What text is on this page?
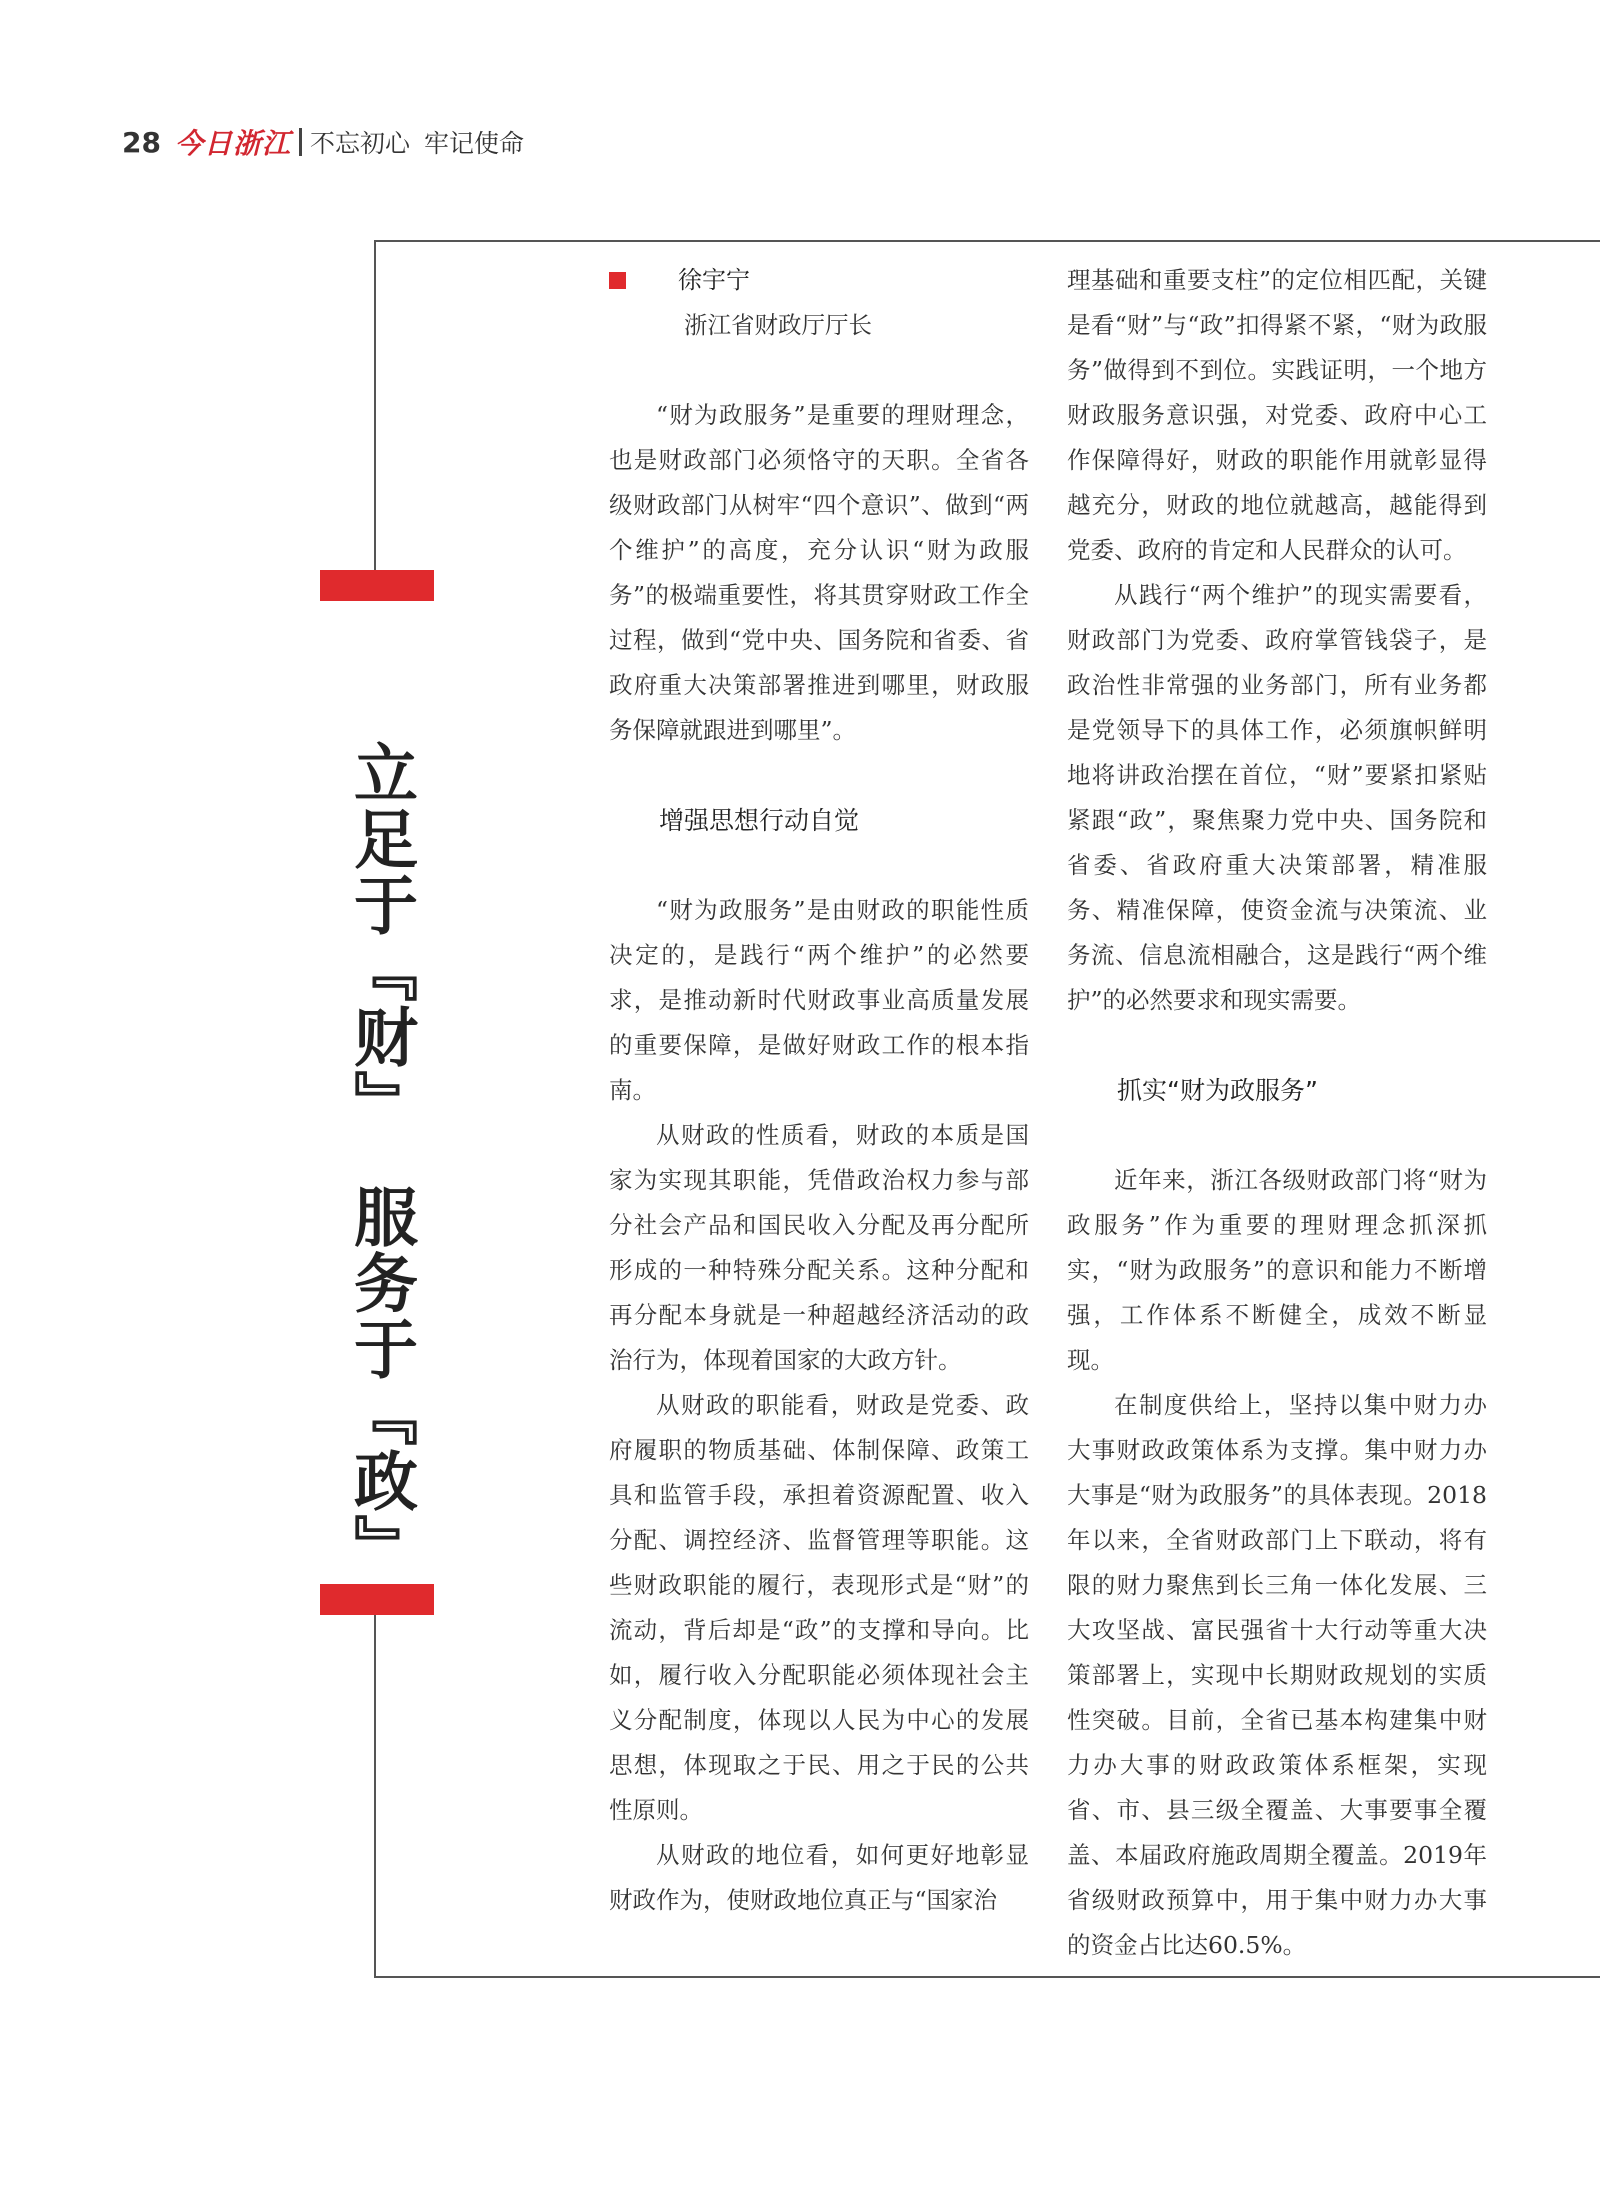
28 今日浙江 不忘初心 牢记使命
立足于『财』服务于『政』

徐宇宁

浙江省财政厅厅长

“财为政服务”是重要的理财理念，也是财政部门必须恪守的天职。全省各级财政部门从树牢“四个意识”、做到“两个维护”的高度，充分认识“财为政服务”的极端重要性，将其贯穿财政工作全过程，做到“党中央、国务院和省委、省政府重大决策部署推进到哪里，财政服务保障就跟进到哪里”。

增强思想行动自觉

“财为政服务”是由财政的职能性质决定的，是践行“两个维护”的必然要求，是推动新时代财政事业高质量发展的重要保障，是做好财政工作的根本指南。

从财政的性质看，财政的本质是国家为实现其职能，凭借政治权力参与部分社会产品和国民收入分配及再分配所形成的一种特殊分配关系。这种分配和再分配本身就是一种超越经济活动的政治行为，体现着国家的大政方针。

从财政的职能看，财政是党委、政府履职的物质基础、体制保障、政策工具和监管手段，承担着资源配置、收入分配、调控经济、监督管理等职能。这些财政职能的履行，表现形式是“财”的流动，背后却是“政”的支撑和导向。比如，履行收入分配职能必须体现社会主义分配制度，体现以人民为中心的发展思想，体现取之于民、用之于民的公共性原则。

从财政的地位看，如何更好地彰显财政作为，使财政地位真正与“国家治

理基础和重要支柱”的定位相匹配，关键是看“财”与“政”扣得紧不紧，“财为政服务”做得到不到位。实践证明，一个地方财政服务意识强，对党委、政府中心工作保障得好，财政的职能作用就彰显得越充分，财政的地位就越高，越能得到党委、政府的肯定和人民群众的认可。

从践行“两个维护”的现实需要看，财政部门为党委、政府掌管钱袋子，是政治性非常强的业务部门，所有业务都是党领导下的具体工作，必须旗帜鲜明地将讲政治摆在首位，“财”要紧扣紧贴紧跟“政”，聚焦聚力党中央、国务院和省委、省政府重大决策部署，精准服务、精准保障，使资金流与决策流、业务流、信息流相融合，这是践行“两个维护”的必然要求和现实需要。

抓实“财为政服务”

近年来，浙江各级财政部门将“财为政服务”作为重要的理财理念抓深抓实，“财为政服务”的意识和能力不断增强，工作体系不断健全，成效不断显现。

在制度供给上，坚持以集中财力办大事财政政策体系为支撑。集中财力办大事是“财为政服务”的具体表现。2018年以来，全省财政部门上下联动，将有限的财力聚焦到长三角一体化发展、三大攻坚战、富民强省十大行动等重大决策部署上，实现中长期财政规划的实质性突破。目前，全省已基本构建集中财力办大事的财政政策体系框架，实现省、市、县三级全覆盖、大事要事全覆盖、本届政府施政周期全覆盖。2019年省级财政预算中，用于集中财力办大事的资金占比达60.5%。
